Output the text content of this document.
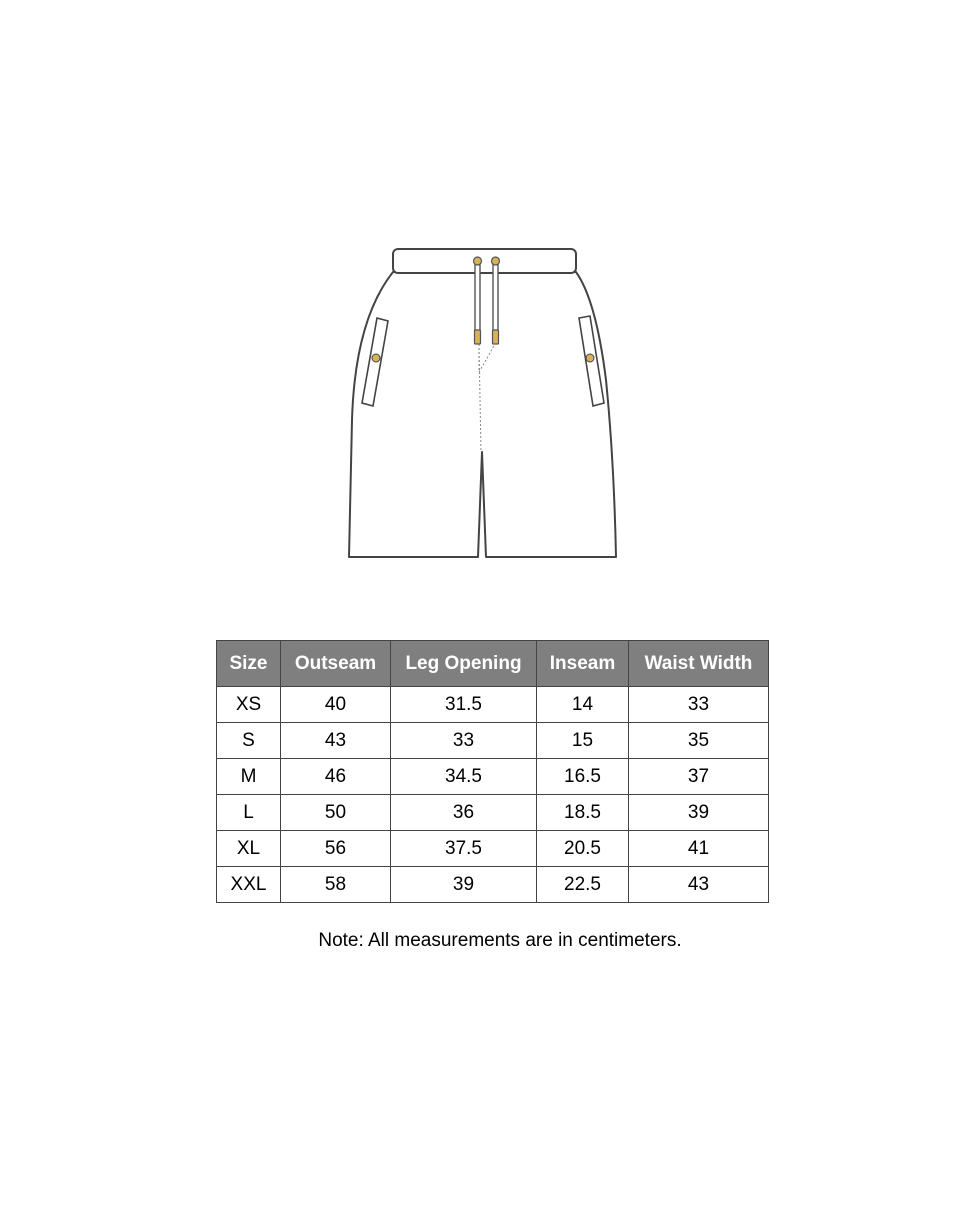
Size	Outseam	Leg Opening	Inseam	Waist Width
XS	40	31.5	14	33
S	43	33	15	35
M	46	34.5	16.5	37
L	50	36	18.5	39
XL	56	37.5	20.5	41
XXL	58	39	22.5	43
Note: All measurements are in centimeters.
